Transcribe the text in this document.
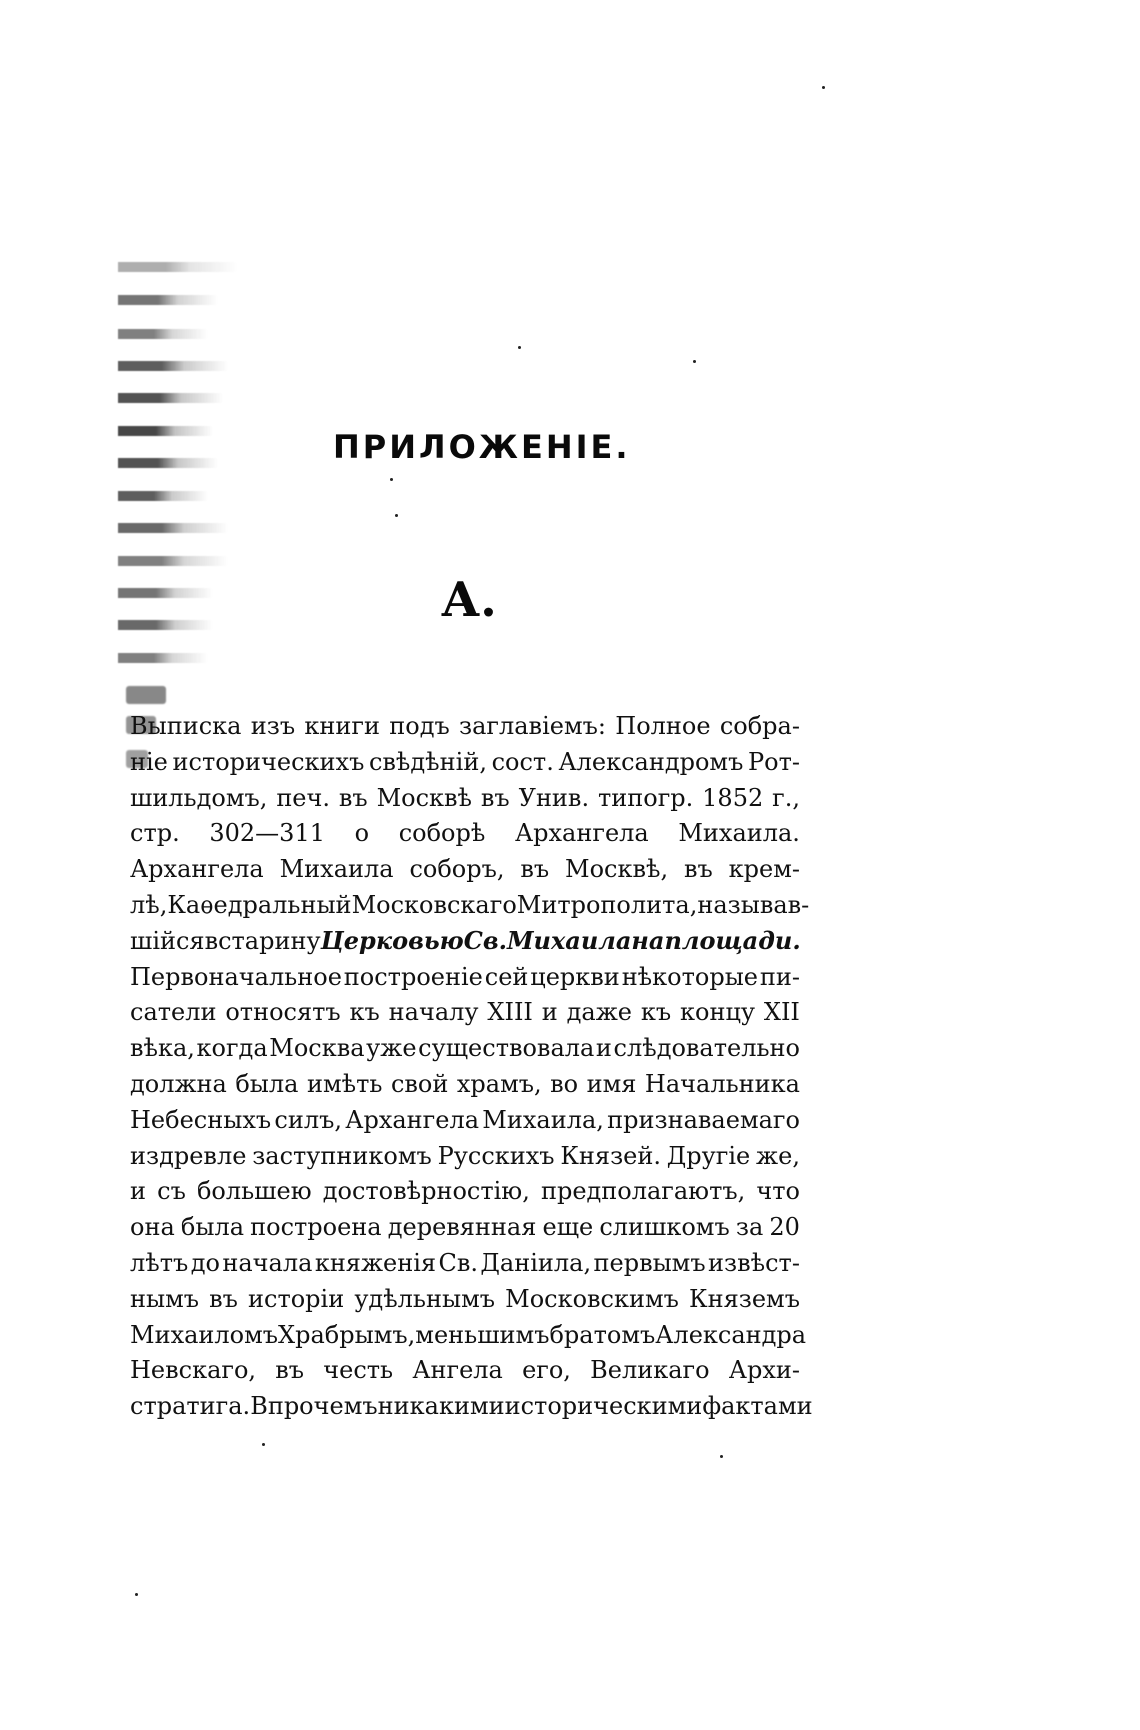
ПРИЛОЖЕНІЕ.
А.
Выписка изъ книги подъ заглавіемъ: Полное собра-
ніе историческихъ свѣдѣній, сост. Александромъ Рот-
шильдомъ, печ. въ Москвѣ въ Унив. типогр. 1852 г.,
стр. 302—311 о соборѣ Архангела Михаила.
Архангела Михаила соборъ, въ Москвѣ, въ крем-
лѣ, Каѳедральный Московскаго Митрополита, называв-
шійся встарину Церковью Св. Михаила на площади.
Первоначальное построеніе сей церкви нѣкоторые пи-
сатели относятъ къ началу XIII и даже къ концу XII
вѣка, когда Москва уже существовала и слѣдовательно
должна была имѣть свой храмъ, во имя Начальника
Небесныхъ силъ, Архангела Михаила, признаваемаго
издревле заступникомъ Русскихъ Князей. Другіе же,
и съ большею достовѣрностію, предполагаютъ, что
она была построена деревянная еще слишкомъ за 20
лѣтъ до начала княженія Св. Даніила, первымъ извѣст-
нымъ въ исторіи удѣльнымъ Московскимъ Княземъ
Михаиломъ Храбрымъ, меньшимъ братомъ Александра
Невскаго, въ честь Ангела его, Великаго Архи-
стратига. Впрочемъ никакими историческими фактами
